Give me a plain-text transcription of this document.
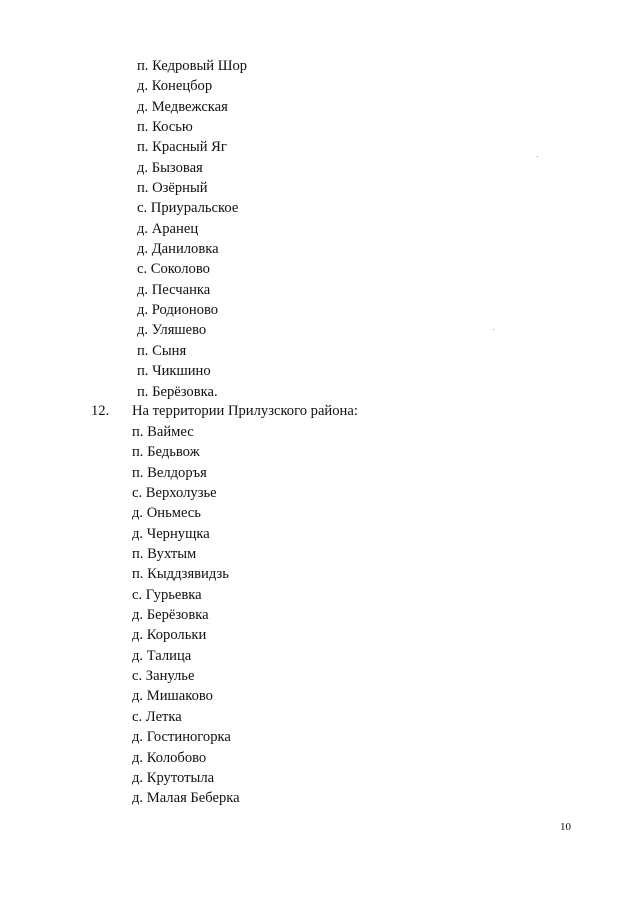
п. Кедровый Шор
д. Конецбор
д. Медвежская
п. Косью
п. Красный Яг
д. Бызовая
п. Озёрный
с. Приуральское
д. Аранец
д. Даниловка
с. Соколово
д. Песчанка
д. Родионово
д. Уляшево
п. Сыня
п. Чикшино
п. Берёзовка.
12. На территории Прилузского района:
п. Ваймес
п. Бедьвож
п. Велдоръя
с. Верхолузье
д. Оньмесь
д. Чернущка
п. Вухтым
п. Кыддзявидзь
с. Гурьевка
д. Берёзовка
д. Корольки
д. Талица
с. Занулье
д. Мишаково
с. Летка
д. Гостиногорка
д. Колобово
д. Крутотыла
д. Малая Беберка
10
